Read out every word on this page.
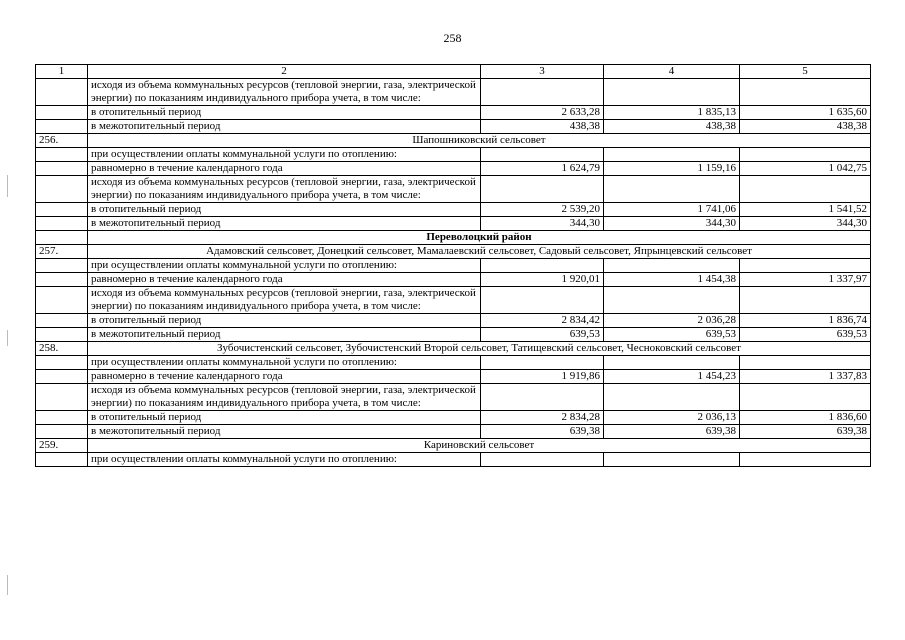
258
1	2	3	4	5
	исходя из объема коммунальных ресурсов (тепловой энергии, газа, электрической энергии) по показаниям индивидуального прибора учета, в том числе:			
	в отопительный период	2 633,28	1 835,13	1 635,60
	в межотопительный период	438,38	438,38	438,38
256.	Шапошниковский сельсовет			
	при осуществлении оплаты коммунальной услуги по отоплению:			
	равномерно в течение календарного года	1 624,79	1 159,16	1 042,75
	исходя из объема коммунальных ресурсов (тепловой энергии, газа, электрической энергии) по показаниям индивидуального прибора учета, в том числе:			
	в отопительный период	2 539,20	1 741,06	1 541,52
	в межотопительный период	344,30	344,30	344,30
	Переволоцкий район			
257.	Адамовский сельсовет, Донецкий сельсовет, Мамалаевский сельсовет, Садовый сельсовет, Япрынцевский сельсовет			
	при осуществлении оплаты коммунальной услуги по отоплению:			
	равномерно в течение календарного года	1 920,01	1 454,38	1 337,97
	исходя из объема коммунальных ресурсов (тепловой энергии, газа, электрической энергии) по показаниям индивидуального прибора учета, в том числе:			
	в отопительный период	2 834,42	2 036,28	1 836,74
	в межотопительный период	639,53	639,53	639,53
258.	Зубочистенский сельсовет, Зубочистенский Второй сельсовет, Татищевский сельсовет, Чесноковский сельсовет			
	при осуществлении оплаты коммунальной услуги по отоплению:			
	равномерно в течение календарного года	1 919,86	1 454,23	1 337,83
	исходя из объема коммунальных ресурсов (тепловой энергии, газа, электрической энергии) по показаниям индивидуального прибора учета, в том числе:			
	в отопительный период	2 834,28	2 036,13	1 836,60
	в межотопительный период	639,38	639,38	639,38
259.	Кариновский сельсовет			
	при осуществлении оплаты коммунальной услуги по отоплению:			
